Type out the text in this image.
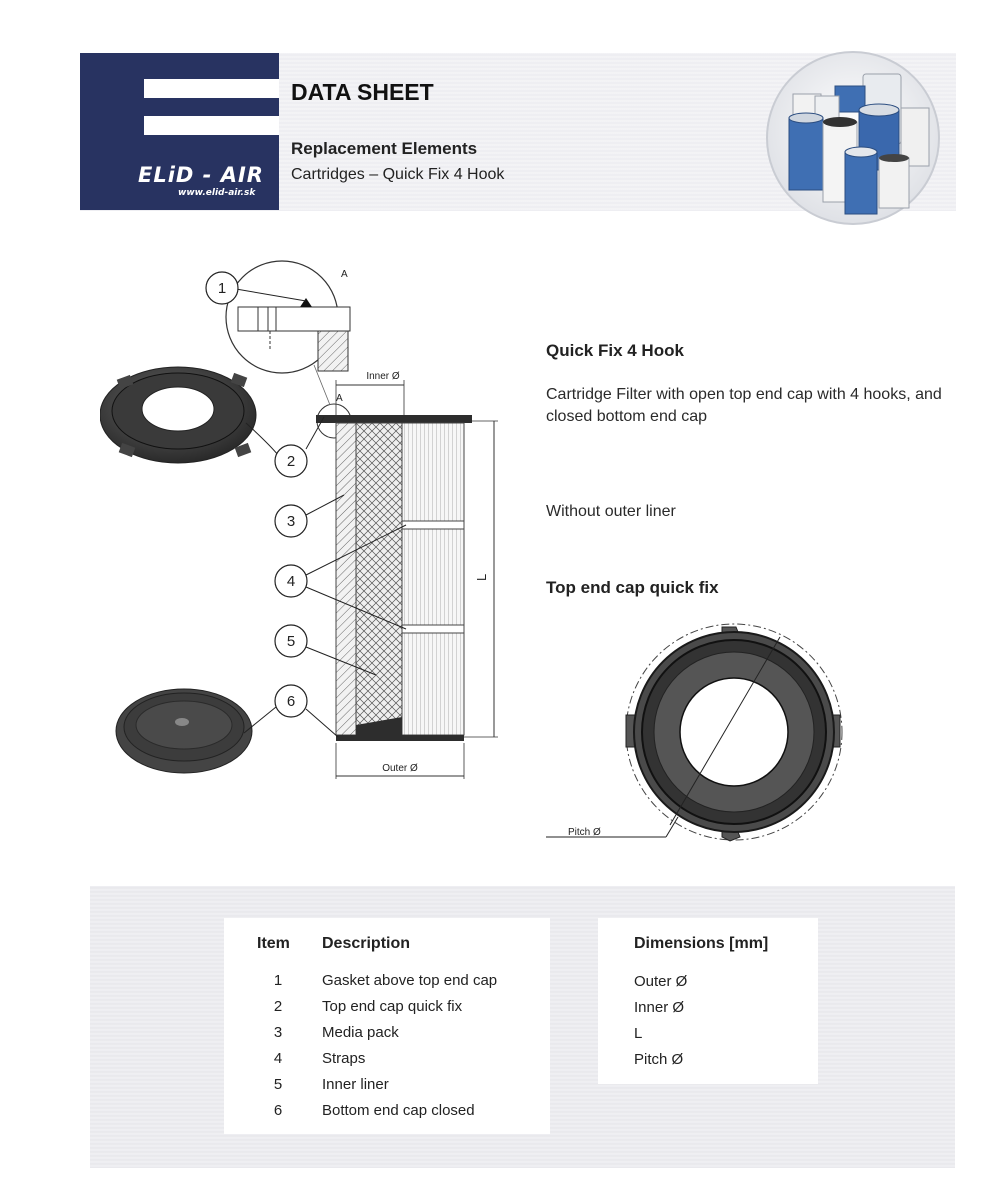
ELiD - AIR
www.elid-air.sk
DATA SHEET
Replacement Elements
Cartridges – Quick Fix 4 Hook
A
A
Inner Ø
L
Outer Ø
1
2
3
4
5
6
Quick Fix 4 Hook
Cartridge Filter with open top end cap with 4 hooks, and closed bottom end cap
Without outer liner
Top end cap quick fix
Pitch Ø
Item Description
1	Gasket above top end cap
2	Top end cap quick fix
3	Media pack
4	Straps
5	Inner liner
6	Bottom end cap closed
Dimensions [mm]
Outer Ø
Inner Ø
L
Pitch Ø
